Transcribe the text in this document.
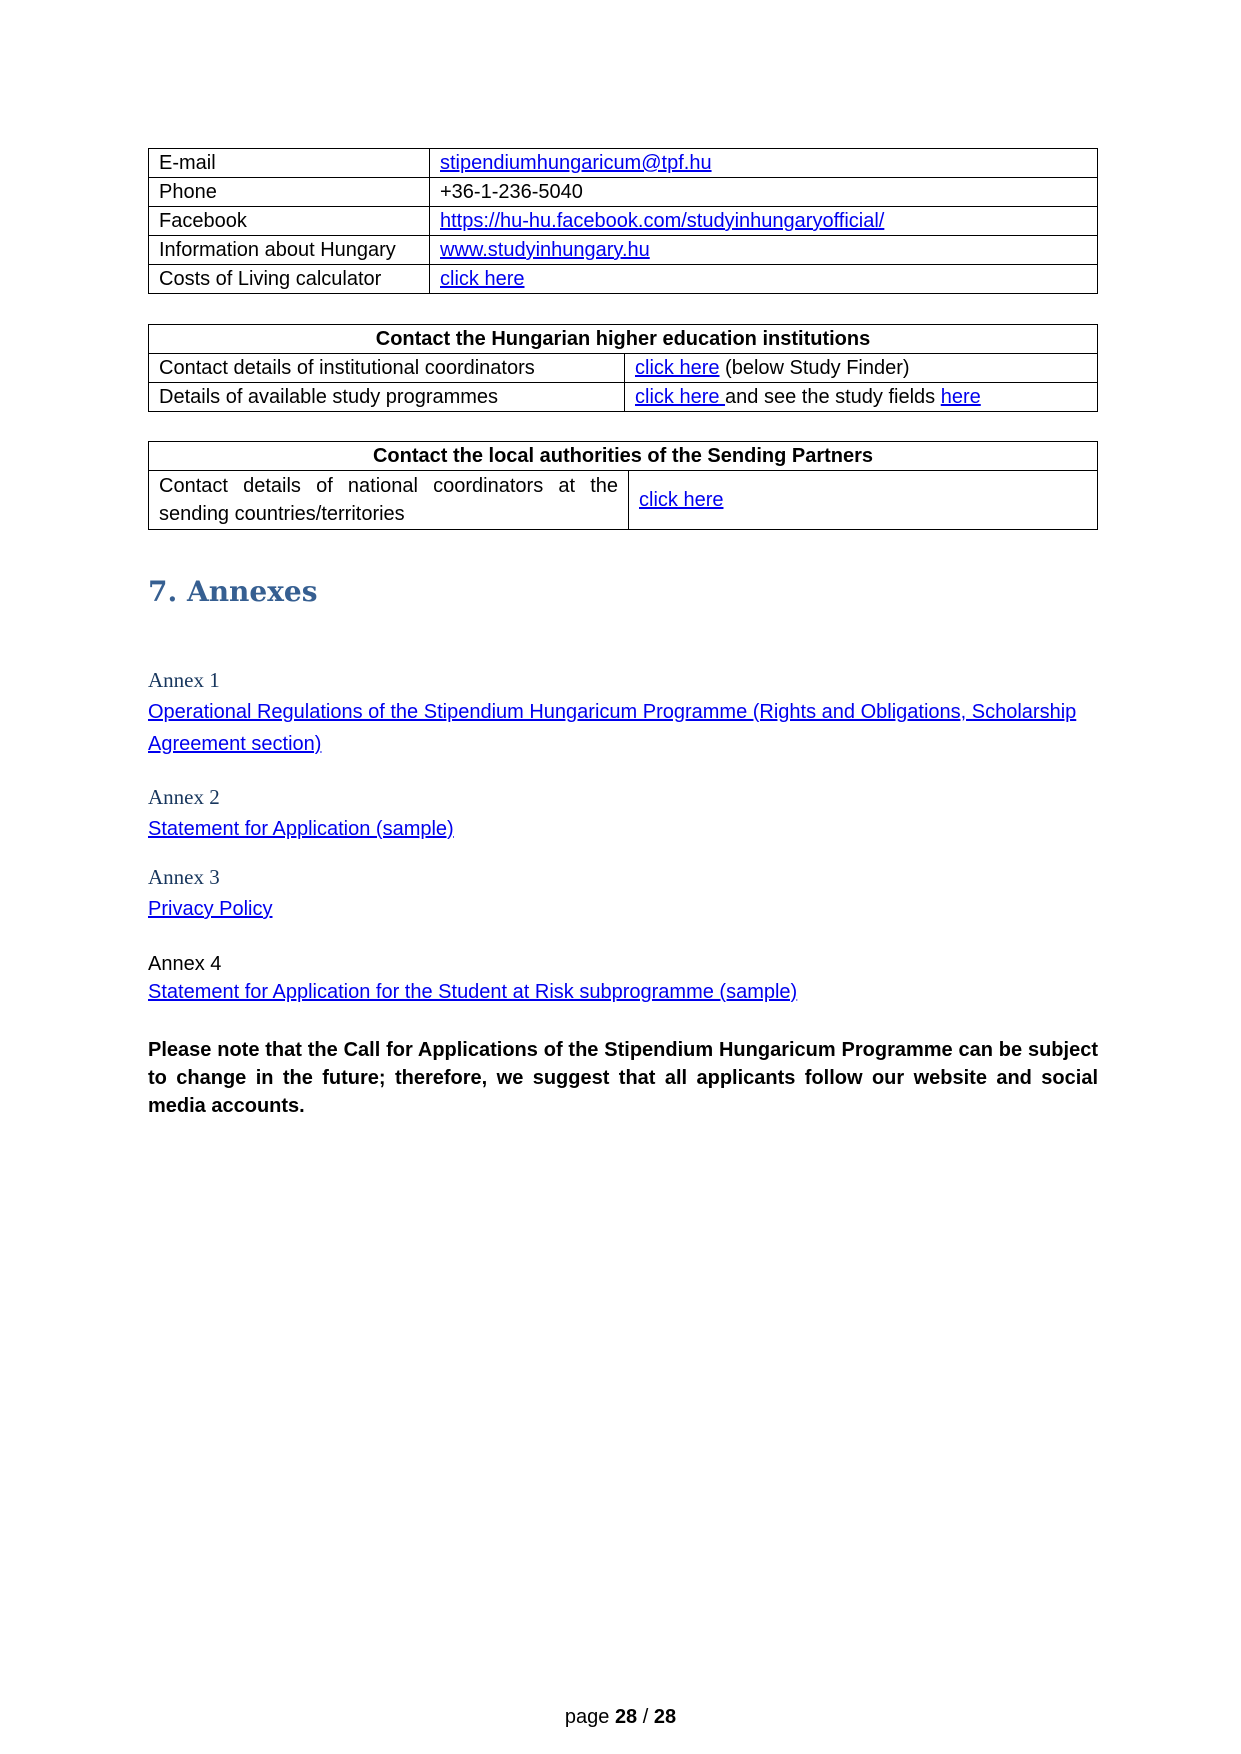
E-mail	stipendiumhungaricum@tpf.hu
Phone	+36-1-236-5040
Facebook	https://hu-hu.facebook.com/studyinhungaryofficial/
Information about Hungary	www.studyinhungary.hu
Costs of Living calculator	click here
Contact the Hungarian higher education institutions	
Contact details of institutional coordinators	click here (below Study Finder)
Details of available study programmes	click here and see the study fields here
Contact the local authorities of the Sending Partners
Contact details of national coordinators at the sending countries/territories	click here
7. Annexes
Annex 1
Operational Regulations of the Stipendium Hungaricum Programme (Rights and Obligations, Scholarship Agreement section)
Annex 2
Statement for Application (sample)
Annex 3
Privacy Policy
Annex 4
Statement for Application for the Student at Risk subprogramme (sample)
Please note that the Call for Applications of the Stipendium Hungaricum Programme can be subject to change in the future; therefore, we suggest that all applicants follow our website and social media accounts.
page 28 / 28
